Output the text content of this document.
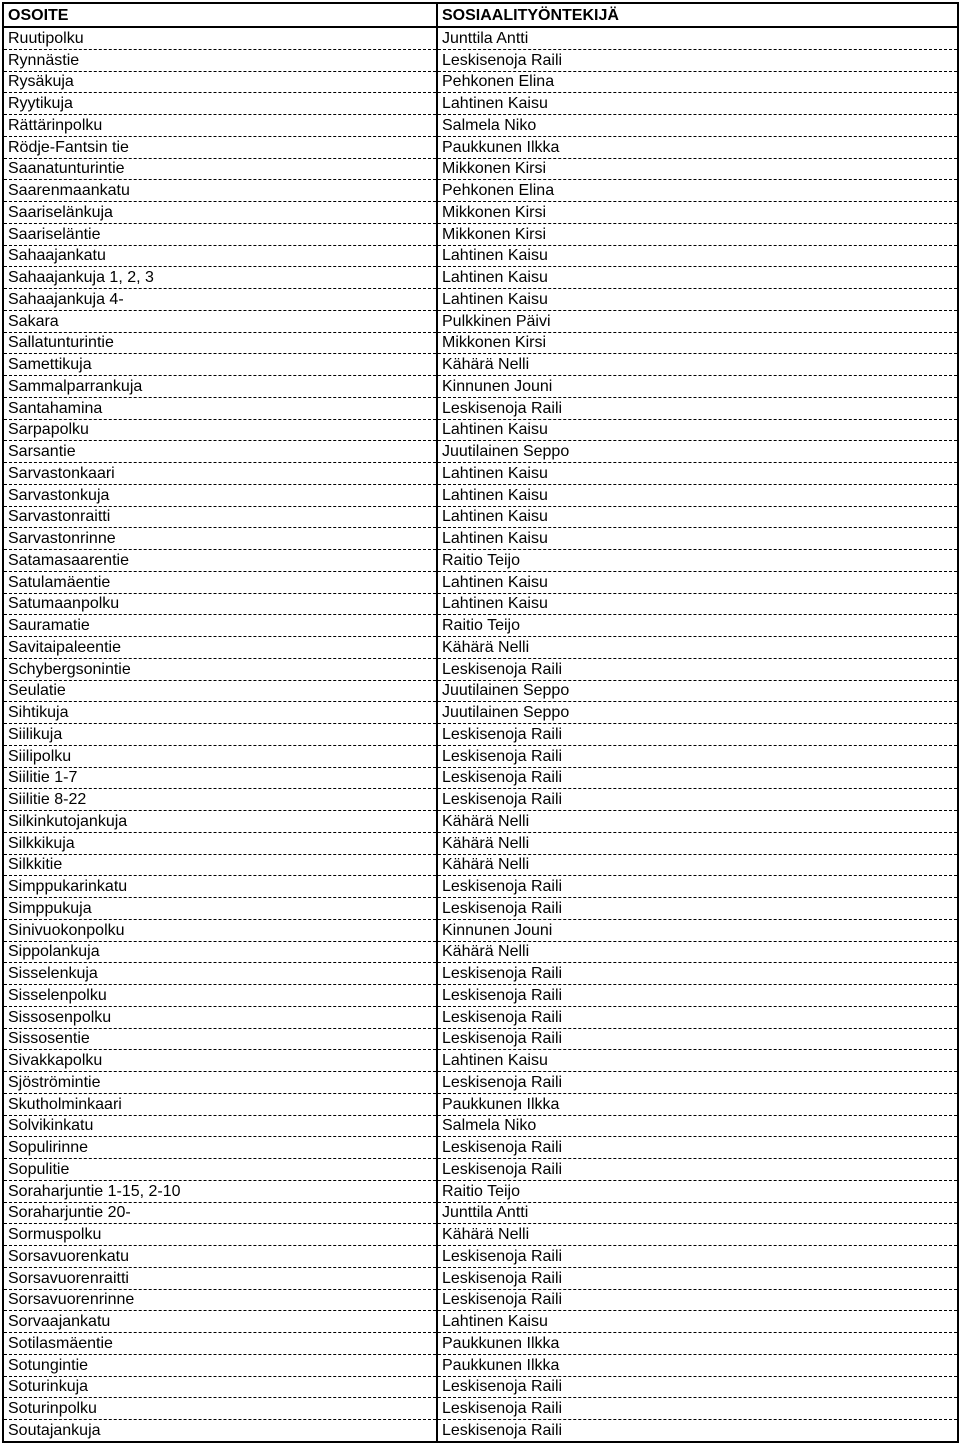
OSOITE	SOSIAALITYÖNTEKIJÄ
Ruutipolku	Junttila Antti
Rynnästie	Leskisenoja Raili
Rysäkuja	Pehkonen Elina
Ryytikuja	Lahtinen Kaisu
Rättärinpolku	Salmela Niko
Rödje-Fantsin tie	Paukkunen Ilkka
Saanatunturintie	Mikkonen Kirsi
Saarenmaankatu	Pehkonen Elina
Saariselänkuja	Mikkonen Kirsi
Saariseläntie	Mikkonen Kirsi
Sahaajankatu	Lahtinen Kaisu
Sahaajankuja 1, 2, 3	Lahtinen Kaisu
Sahaajankuja 4-	Lahtinen Kaisu
Sakara	Pulkkinen Päivi
Sallatunturintie	Mikkonen Kirsi
Samettikuja	Kähärä Nelli
Sammalparrankuja	Kinnunen Jouni
Santahamina	Leskisenoja Raili
Sarpapolku	Lahtinen Kaisu
Sarsantie	Juutilainen Seppo
Sarvastonkaari	Lahtinen Kaisu
Sarvastonkuja	Lahtinen Kaisu
Sarvastonraitti	Lahtinen Kaisu
Sarvastonrinne	Lahtinen Kaisu
Satamasaarentie	Raitio Teijo
Satulamäentie	Lahtinen Kaisu
Satumaanpolku	Lahtinen Kaisu
Sauramatie	Raitio Teijo
Savitaipaleentie	Kähärä Nelli
Schybergsonintie	Leskisenoja Raili
Seulatie	Juutilainen Seppo
Sihtikuja	Juutilainen Seppo
Siilikuja	Leskisenoja Raili
Siilipolku	Leskisenoja Raili
Siilitie 1-7	Leskisenoja Raili
Siilitie 8-22	Leskisenoja Raili
Silkinkutojankuja	Kähärä Nelli
Silkkikuja	Kähärä Nelli
Silkkitie	Kähärä Nelli
Simppukarinkatu	Leskisenoja Raili
Simppukuja	Leskisenoja Raili
Sinivuokonpolku	Kinnunen Jouni
Sippolankuja	Kähärä Nelli
Sisselenkuja	Leskisenoja Raili
Sisselenpolku	Leskisenoja Raili
Sissosenpolku	Leskisenoja Raili
Sissosentie	Leskisenoja Raili
Sivakkapolku	Lahtinen Kaisu
Sjöströmintie	Leskisenoja Raili
Skutholminkaari	Paukkunen Ilkka
Solvikinkatu	Salmela Niko
Sopulirinne	Leskisenoja Raili
Sopulitie	Leskisenoja Raili
Soraharjuntie 1-15, 2-10	Raitio Teijo
Soraharjuntie 20-	Junttila Antti
Sormuspolku	Kähärä Nelli
Sorsavuorenkatu	Leskisenoja Raili
Sorsavuorenraitti	Leskisenoja Raili
Sorsavuorenrinne	Leskisenoja Raili
Sorvaajankatu	Lahtinen Kaisu
Sotilasmäentie	Paukkunen Ilkka
Sotungintie	Paukkunen Ilkka
Soturinkuja	Leskisenoja Raili
Soturinpolku	Leskisenoja Raili
Soutajankuja	Leskisenoja Raili
